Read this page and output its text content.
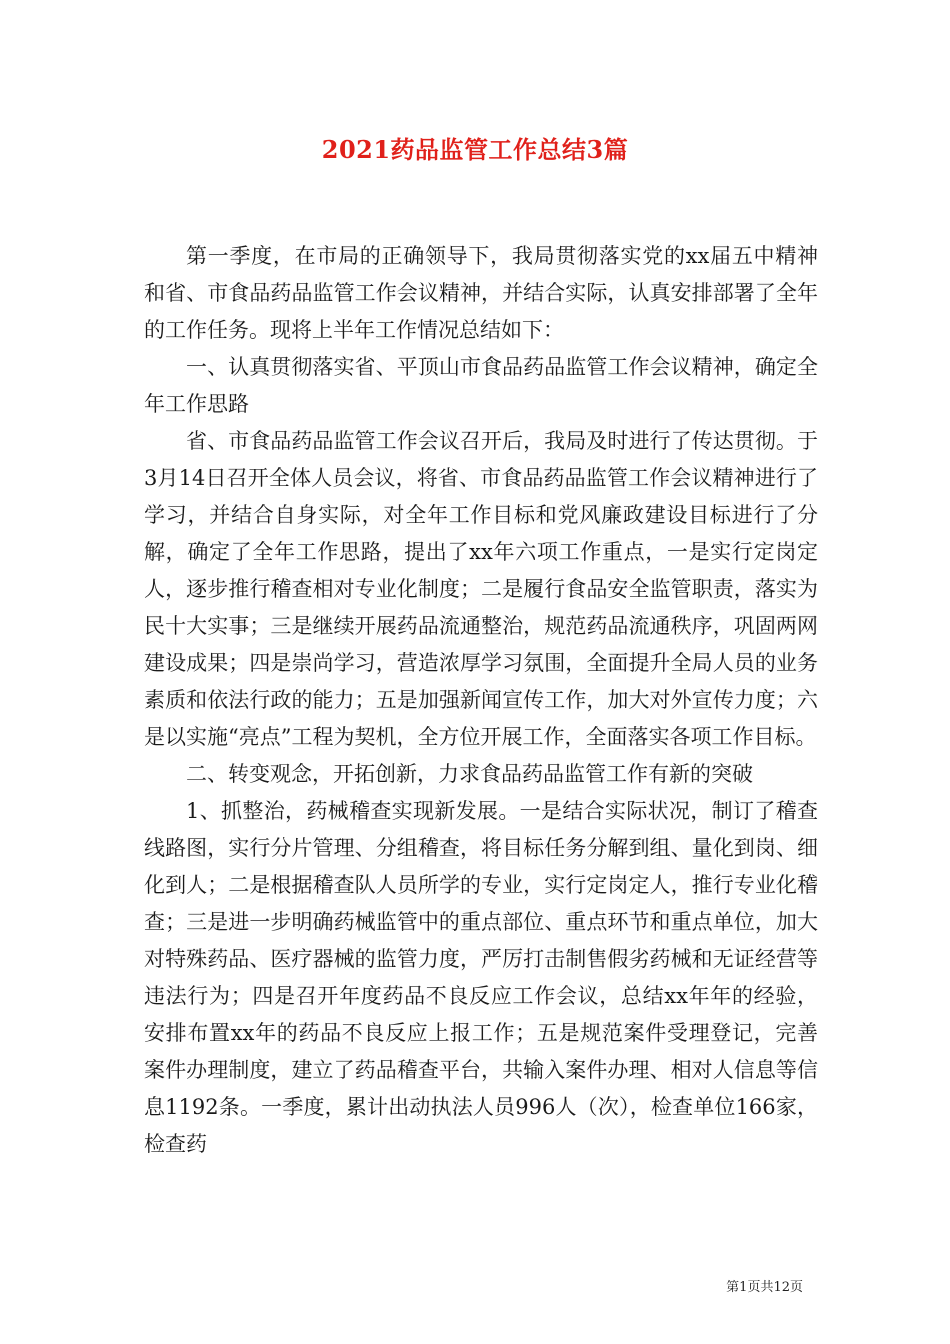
2021药品监管工作总结3篇

第一季度，在市局的正确领导下，我局贯彻落实党的xx届五中精神和省、市食品药品监管工作会议精神，并结合实际，认真安排部署了全年的工作任务。现将上半年工作情况总结如下：

一、认真贯彻落实省、平顶山市食品药品监管工作会议精神，确定全年工作思路

省、市食品药品监管工作会议召开后，我局及时进行了传达贯彻。于3月14日召开全体人员会议，将省、市食品药品监管工作会议精神进行了学习，并结合自身实际，对全年工作目标和党风廉政建设目标进行了分解，确定了全年工作思路，提出了xx年六项工作重点，一是实行定岗定人，逐步推行稽查相对专业化制度；二是履行食品安全监管职责，落实为民十大实事；三是继续开展药品流通整治，规范药品流通秩序，巩固两网建设成果；四是崇尚学习，营造浓厚学习氛围，全面提升全局人员的业务素质和依法行政的能力；五是加强新闻宣传工作，加大对外宣传力度；六是以实施“亮点”工程为契机，全方位开展工作，全面落实各项工作目标。

二、转变观念，开拓创新，力求食品药品监管工作有新的突破

1、抓整治，药械稽查实现新发展。一是结合实际状况，制订了稽查线路图，实行分片管理、分组稽查，将目标任务分解到组、量化到岗、细化到人；二是根据稽查队人员所学的专业，实行定岗定人，推行专业化稽查；三是进一步明确药械监管中的重点部位、重点环节和重点单位，加大对特殊药品、医疗器械的监管力度，严厉打击制售假劣药械和无证经营等违法行为；四是召开年度药品不良反应工作会议，总结xx年年的经验，安排布置xx年的药品不良反应上报工作；五是规范案件受理登记，完善案件办理制度，建立了药品稽查平台，共输入案件办理、相对人信息等信息1192条。一季度，累计出动执法人员996人（次），检查单位166家，检查药

第1页共12页
